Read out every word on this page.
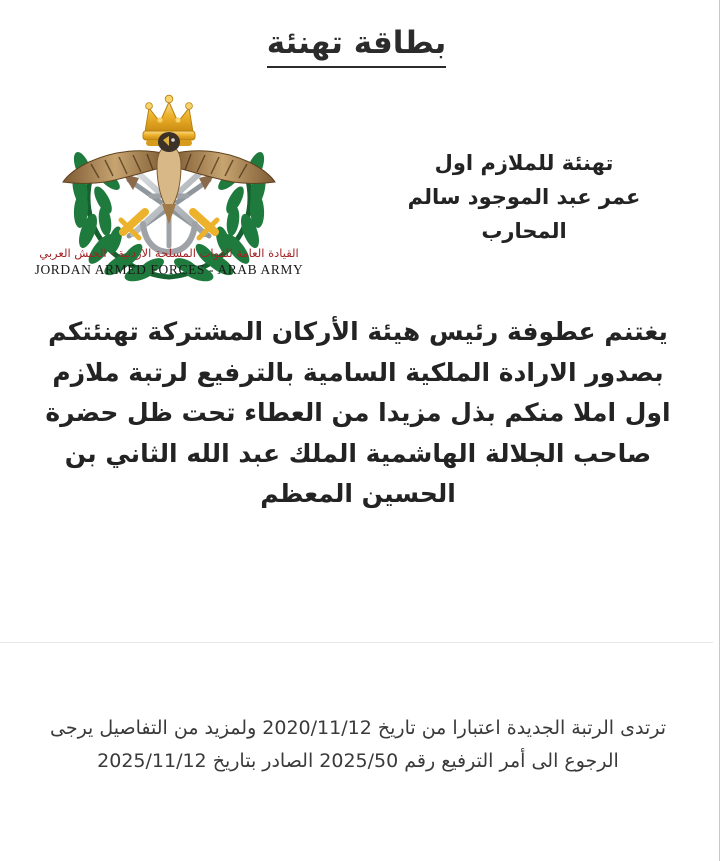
بطاقة تهنئة
القيادة العامة للقوات المسلحة الاردنية - الجيش العربي
JORDAN ARMED FORCES - ARAB ARMY
تهنئة للملازم اول
عمر عبد الموجود سالم
المحارب
يغتنم عطوفة رئيس هيئة الأركان المشتركة تهنئتكم بصدور الارادة الملكية السامية بالترفيع لرتبة ملازم اول املا منكم بذل مزيدا من العطاء تحت ظل حضرة صاحب الجلالة الهاشمية الملك عبد الله الثاني بن الحسين المعظم
ترتدى الرتبة الجديدة اعتبارا من تاريخ 2020/11/12 ولمزيد من التفاصيل يرجى الرجوع الى أمر الترفيع رقم 2025/50 الصادر بتاريخ 2025/11/12
